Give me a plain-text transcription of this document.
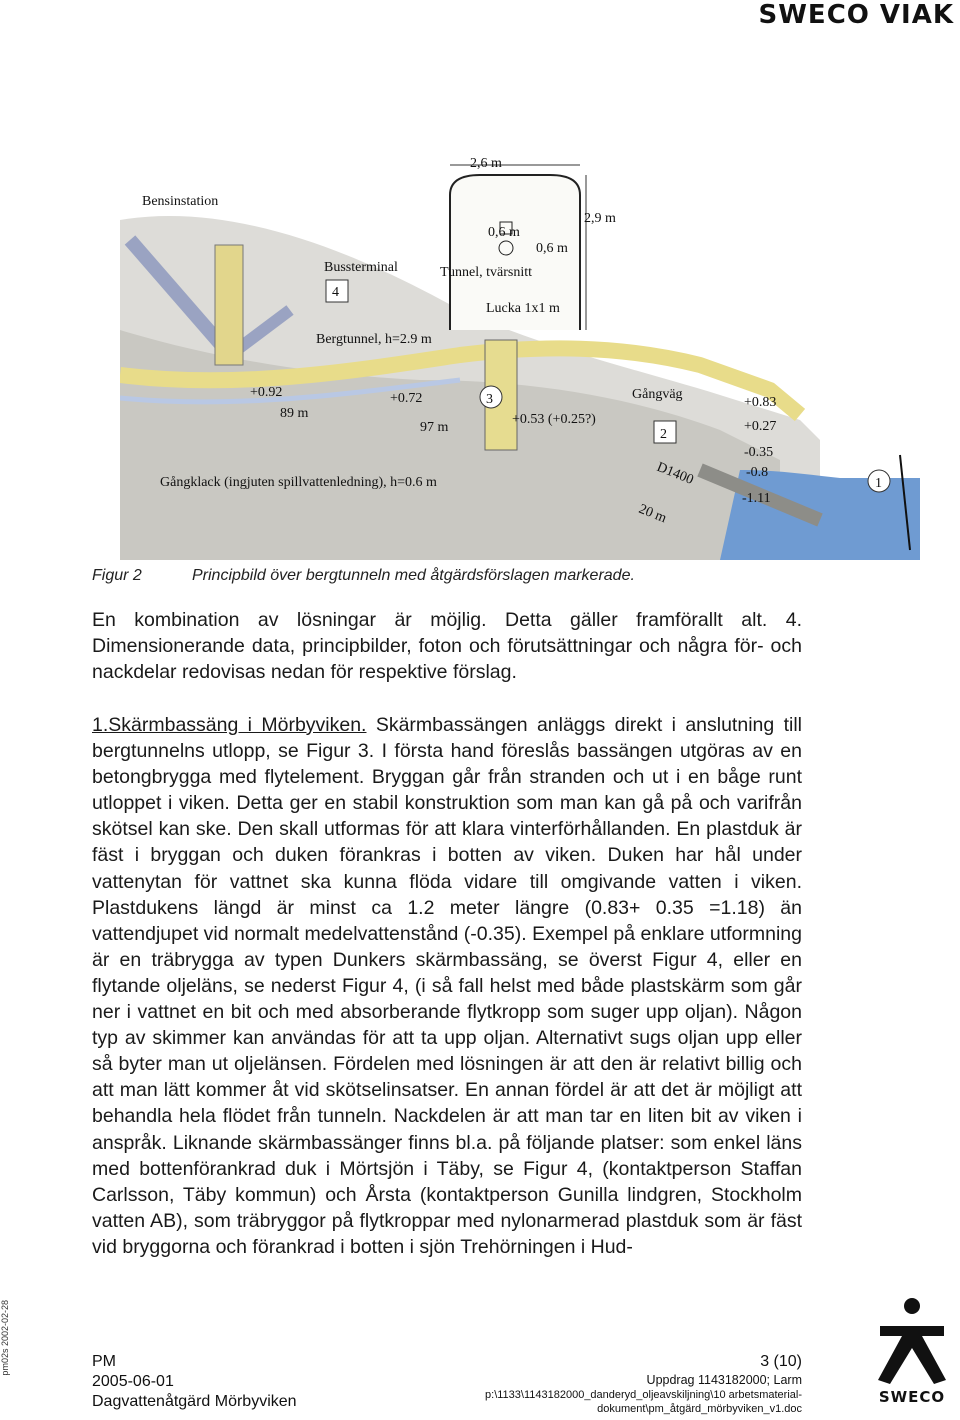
SWECO VIAK
pm02s 2002-02-28
Bensinstation
Bussterminal
4
2,6 m
2,9 m
0,6 m
0,6 m
Tunnel, tvärsnitt
Lucka 1x1 m
Bergtunnel, h=2.9 m
+0.92
89 m
+0.72
97 m
3
+0.53 (+0.25?)
Gångklack (ingjuten spillvattenledning), h=0.6 m
Gångväg
2
D1400
20 m
+0.83
+0.27
-0.35
-0.8
-1.11
1
Figur 2	Principbild över bergtunneln med åtgärdsförslagen markerade.

En kombination av lösningar är möjlig. Detta gäller framförallt alt. 4. Dimensionerande data, principbilder, foton och förutsättningar och några för- och nackdelar redovisas nedan för respektive förslag.

1.Skärmbassäng i Mörbyviken. Skärmbassängen anläggs direkt i anslutning till bergtunnelns utlopp, se Figur 3. I första hand föreslås bassängen utgöras av en betongbrygga med flytelement. Bryggan går från stranden och ut i en båge runt utloppet i viken. Detta ger en stabil konstruktion som man kan gå på och varifrån skötsel kan ske. Den skall utformas för att klara vinterförhållanden. En plastduk är fäst i bryggan och duken förankras i botten av viken. Duken har hål under vattenytan för vattnet ska kunna flöda vidare till omgivande vatten i viken. Plastdukens längd är minst ca 1.2 meter längre (0.83+ 0.35 =1.18) än vattendjupet vid normalt medelvattenstånd (-0.35). Exempel på enklare utformning är en träbrygga av typen Dunkers skärmbassäng, se överst Figur 4, eller en flytande oljeläns, se nederst Figur 4, (i så fall helst med både plastskärm som går ner i vattnet en bit och med absorberande flytkropp som suger upp oljan). Någon typ av skimmer kan användas för att ta upp oljan. Alternativt sugs oljan upp eller så byter man ut oljelänsen. Fördelen med lösningen är att den är relativt billig och att man lätt kommer åt vid skötselinsatser. En annan fördel är att det är möjligt att behandla hela flödet från tunneln. Nackdelen är att man tar en liten bit av viken i anspråk. Liknande skärmbassänger finns bl.a. på följande platser: som enkel läns med bottenförankrad duk i Mörtsjön i Täby, se Figur 4, (kontaktperson Staffan Carlsson, Täby kommun) och Årsta (kontaktperson Gunilla lindgren, Stockholm vatten AB), som träbryggor på flytkroppar med nylonarmerad plastduk som är fäst vid bryggorna och förankrad i botten i sjön Trehörningen i Hud-

PM
2005-06-01
Dagvattenåtgärd Mörbyviken
3 (10)
Uppdrag 1143182000; Larm
p:\1133\1143182000_danderyd_oljeavskiljning\10 arbetsmaterial-
dokument\pm_åtgärd_mörbyviken_v1.doc
SWECO
